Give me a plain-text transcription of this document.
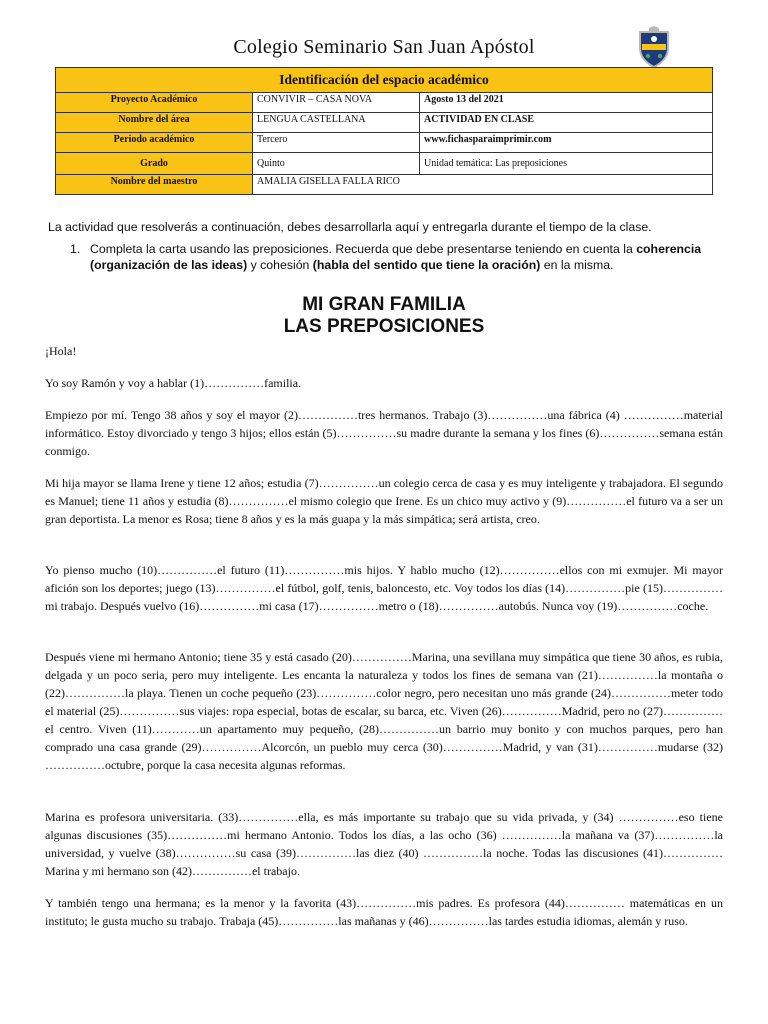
Colegio Seminario San Juan Apóstol
Identificación del espacio académico		
Proyecto Académico	CONVIVIR – CASA NOVA	Agosto 13 del 2021
Nombre del área	LENGUA CASTELLANA	ACTIVIDAD EN CLASE
Periodo académico	Tercero	www.fichasparaimprimir.com
Grado	Quinto	Unidad temática: Las preposiciones
Nombre del maestro	AMALIA GISELLA FALLA RICO	
La actividad que resolverás a continuación, debes desarrollarla aquí y entregarla durante el tiempo de la clase.
1. Completa la carta usando las preposiciones. Recuerda que debe presentarse teniendo en cuenta la coherencia (organización de las ideas) y cohesión (habla del sentido que tiene la oración) en la misma.
MI GRAN FAMILIA
LAS PREPOSICIONES
¡Hola!
Yo soy Ramón y voy a hablar (1)……………familia.
Empiezo por mí. Tengo 38 años y soy el mayor (2)……………tres hermanos. Trabajo (3)……………una fábrica (4) ……………material informático. Estoy divorciado y tengo 3 hijos; ellos están (5)……………su madre durante la semana y los fines (6)……………semana están conmigo.
Mi hija mayor se llama Irene y tiene 12 años; estudia (7)……………un colegio cerca de casa y es muy inteligente y trabajadora. El segundo es Manuel; tiene 11 años y estudia (8)……………el mismo colegio que Irene. Es un chico muy activo y (9)……………el futuro va a ser un gran deportista. La menor es Rosa; tiene 8 años y es la más guapa y la más simpática; será artista, creo.
Yo pienso mucho (10)……………el futuro (11)……………mis hijos. Y hablo mucho (12)……………ellos con mi exmujer. Mi mayor afición son los deportes; juego (13)……………el fútbol, golf, tenis, baloncesto, etc. Voy todos los días (14)……………pie (15)……………mi trabajo. Después vuelvo (16)……………mi casa (17)……………metro o (18)……………autobús. Nunca voy (19)……………coche.
Después viene mi hermano Antonio; tiene 35 y está casado (20)……………Marina, una sevillana muy simpática que tiene 30 años, es rubia, delgada y un poco seria, pero muy inteligente. Les encanta la naturaleza y todos los fines de semana van (21)……………la montaña o (22)……………la playa. Tienen un coche pequeño (23)……………color negro, pero necesitan uno más grande (24)……………meter todo el material (25)……………sus viajes: ropa especial, botas de escalar, su barca, etc. Viven (26)……………Madrid, pero no (27)……………el centro. Viven (11)…………un apartamento muy pequeño, (28)……………un barrio muy bonito y con muchos parques, pero han comprado una casa grande (29)……………Alcorcón, un pueblo muy cerca (30)……………Madrid, y van (31)……………mudarse (32) ……………octubre, porque la casa necesita algunas reformas.
Marina es profesora universitaria. (33)……………ella, es más importante su trabajo que su vida privada, y (34) ……………eso tiene algunas discusiones (35)……………mi hermano Antonio. Todos los días, a las ocho (36) ……………la mañana va (37)……………la universidad, y vuelve (38)……………su casa (39)……………las diez (40) ……………la noche. Todas las discusiones (41)……………Marina y mi hermano son (42)……………el trabajo.
Y también tengo una hermana; es la menor y la favorita (43)……………mis padres. Es profesora (44)…………… matemáticas en un instituto; le gusta mucho su trabajo. Trabaja (45)……………las mañanas y (46)……………las tardes estudia idiomas, alemán y ruso.
